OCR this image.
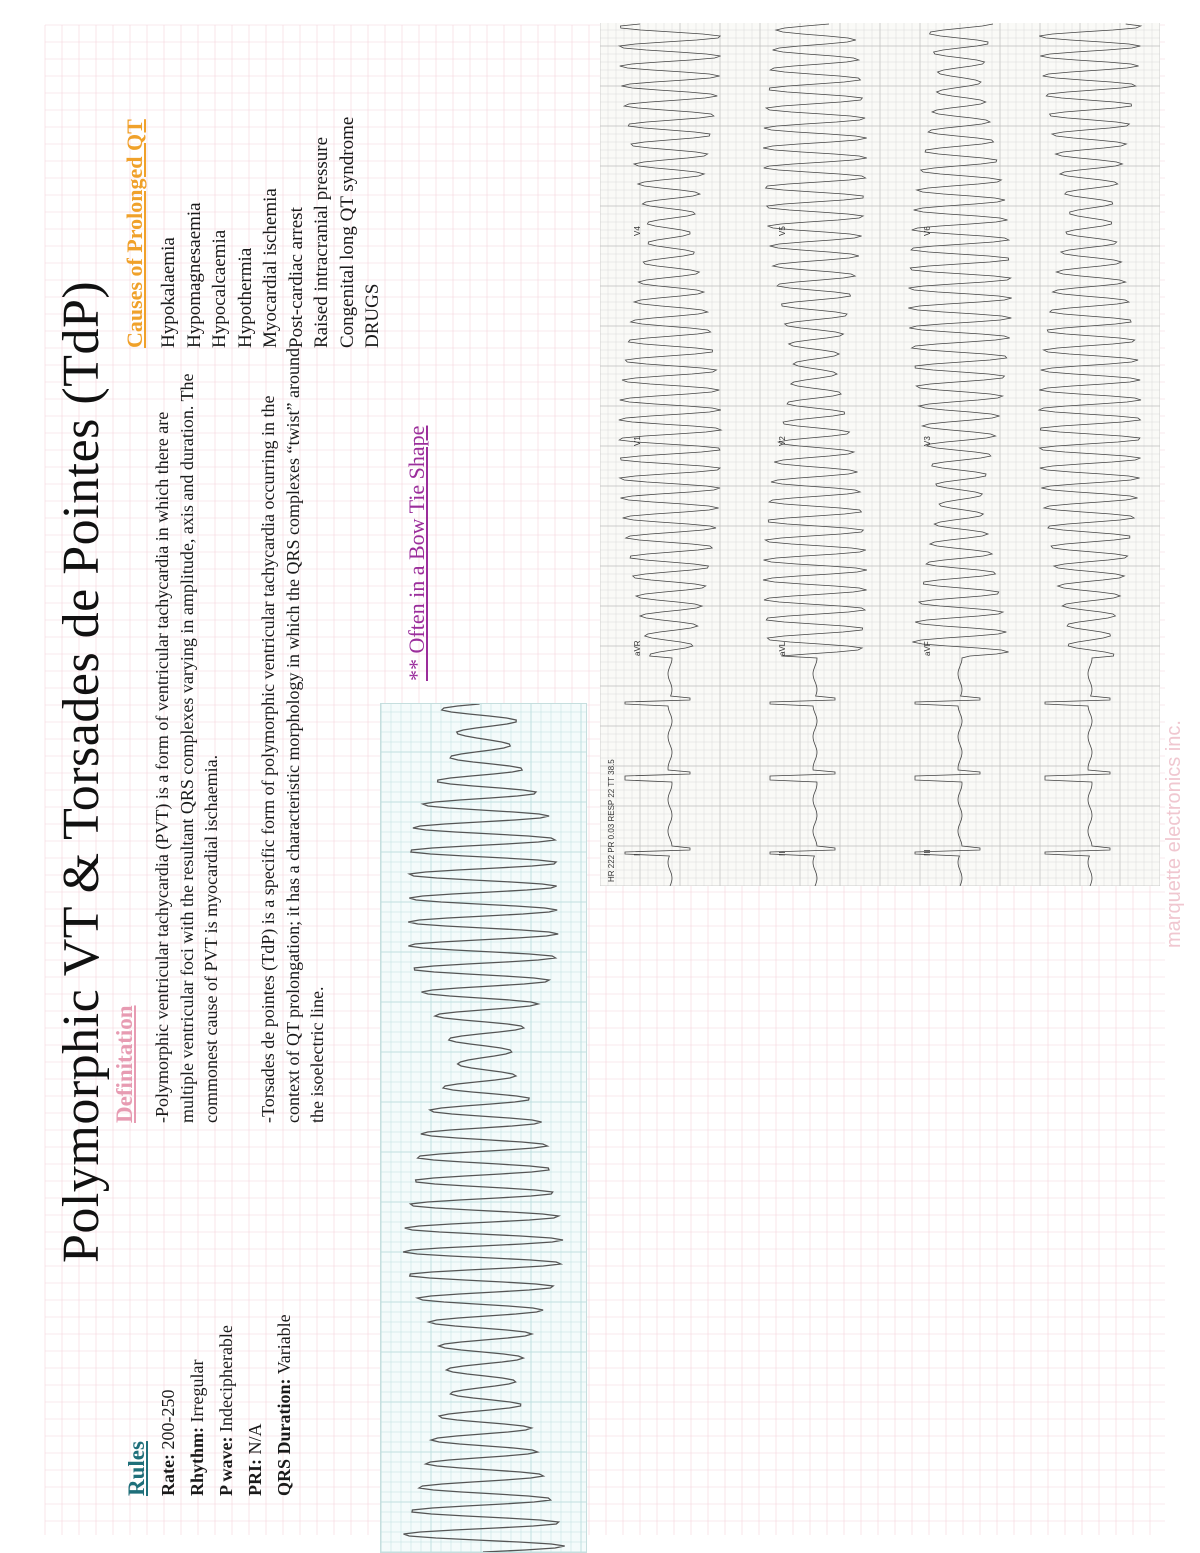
Polymorphic VT & Torsades de Pointes (TdP) Definitation -Polymorphic ventricular tachycardia (PVT) is a form of ventricular tachycardia in which there are multiple ventricular foci with the resultant QRS complexes varying in amplitude, axis and duration. The commonest cause of PVT is myocardial ischaemia. -Torsades de pointes (TdP) is a specific form of polymorphic ventricular tachycardia occurring in the context of QT prolongation; it has a characteristic morphology in which the QRS complexes “twist” around the isoelectric line.
Causes of Prolonged QT Hypokalaemia Hypomagnesaemia Hypocalcaemia Hypothermia Myocardial ischemia Post-cardiac arrest Raised intracranial pressure Congenital long QT syndrome DRUGS
Rules Rate: 200-250
Rhythm: Irregular
P wave: Indecipherable
PRI: N/A QRS Duration: Variable
** Often in a Bow Tie Shape
HR 222 PR 0.03 RESP 22 TT 38.5 I
aVR
V1
V4
II
aVL
V2
V5
III
aVF
V3
V6
marquette electronics inc.
